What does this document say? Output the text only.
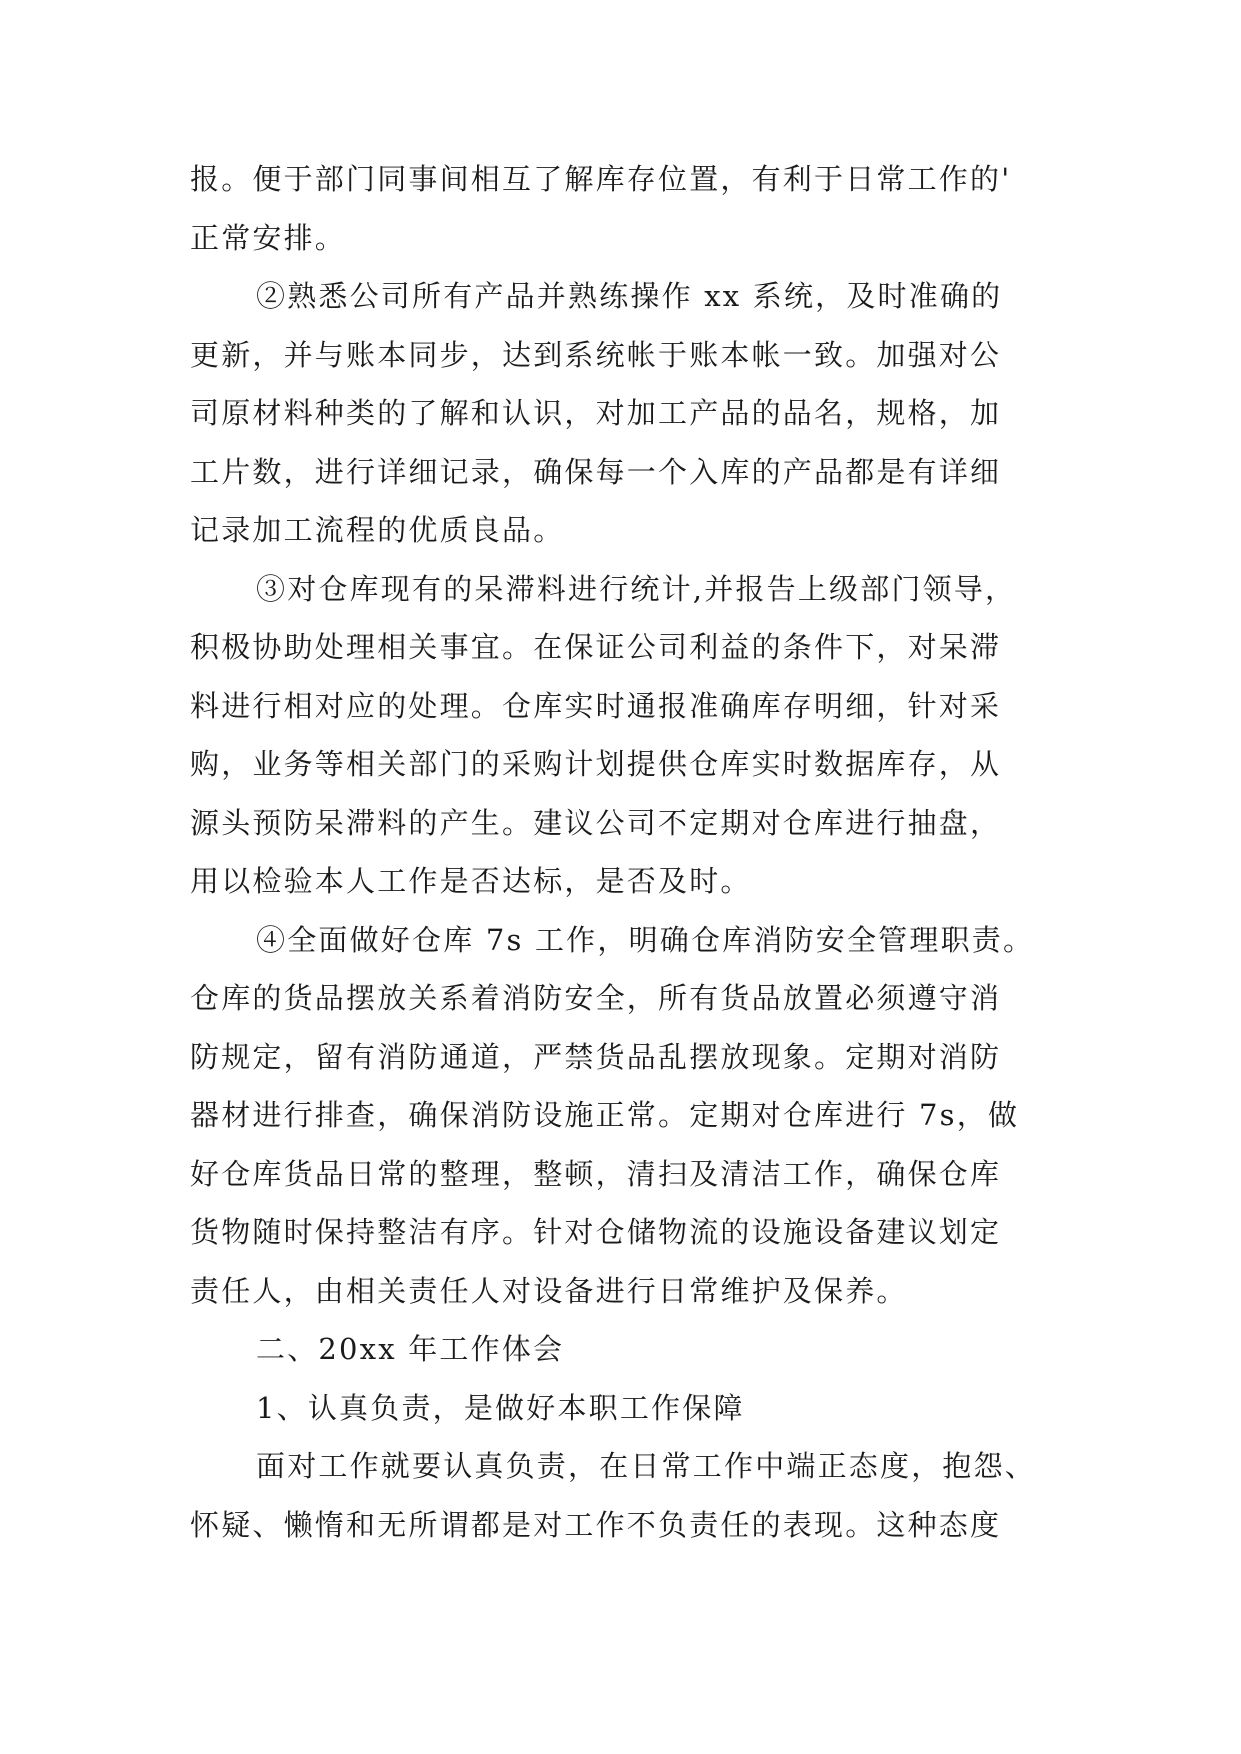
报。便于部门同事间相互了解库存位置，有利于日常工作的'
正常安排。
②熟悉公司所有产品并熟练操作 xx 系统，及时准确的
更新，并与账本同步，达到系统帐于账本帐一致。加强对公
司原材料种类的了解和认识，对加工产品的品名，规格，加
工片数，进行详细记录，确保每一个入库的产品都是有详细
记录加工流程的优质良品。
③对仓库现有的呆滞料进行统计,并报告上级部门领导，
积极协助处理相关事宜。在保证公司利益的条件下，对呆滞
料进行相对应的处理。仓库实时通报准确库存明细，针对采
购，业务等相关部门的采购计划提供仓库实时数据库存，从
源头预防呆滞料的产生。建议公司不定期对仓库进行抽盘，
用以检验本人工作是否达标，是否及时。
④全面做好仓库 7s 工作，明确仓库消防安全管理职责。
仓库的货品摆放关系着消防安全，所有货品放置必须遵守消
防规定，留有消防通道，严禁货品乱摆放现象。定期对消防
器材进行排查，确保消防设施正常。定期对仓库进行 7s，做
好仓库货品日常的整理，整顿，清扫及清洁工作，确保仓库
货物随时保持整洁有序。针对仓储物流的设施设备建议划定
责任人，由相关责任人对设备进行日常维护及保养。
二、20xx 年工作体会
1、认真负责，是做好本职工作保障
面对工作就要认真负责，在日常工作中端正态度，抱怨、
怀疑、懒惰和无所谓都是对工作不负责任的表现。这种态度
